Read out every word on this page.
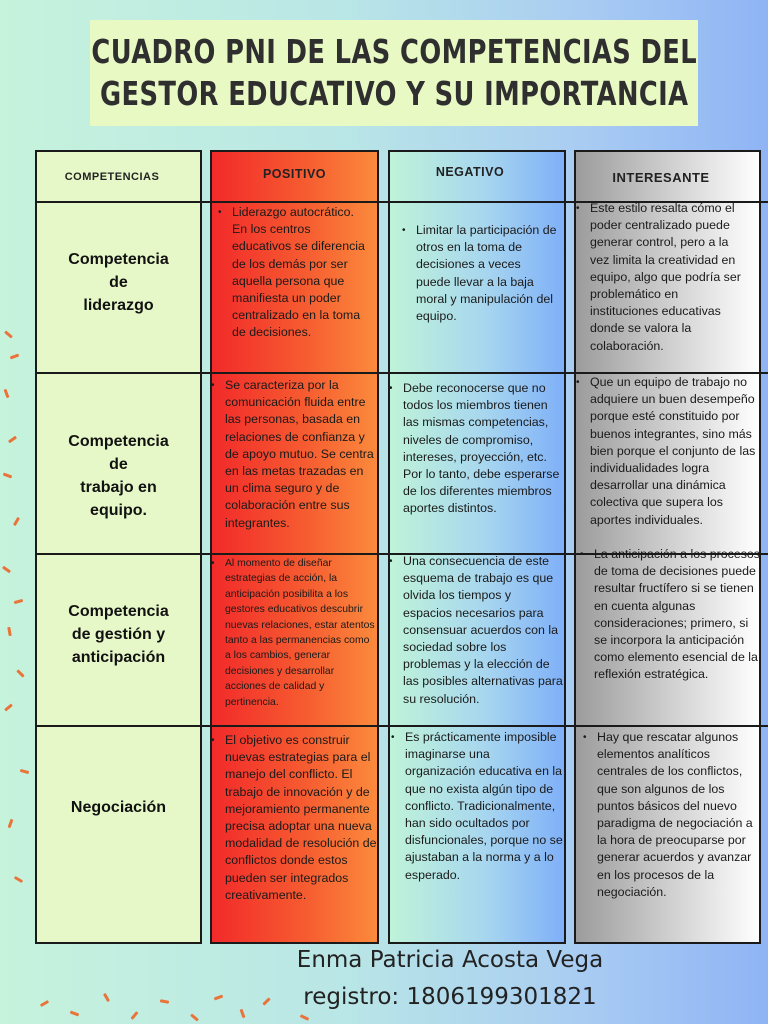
CUADRO PNI DE LAS COMPETENCIAS DEL
GESTOR EDUCATIVO Y SU IMPORTANCIA
COMPETENCIAS	POSITIVO	NEGATIVO	INTERESANTE
Competencia
de
liderazgo
• Liderazgo autocrático. En los centros educativos se diferencia de los demás por ser aquella persona que manifiesta un poder centralizado en la toma de decisiones.
• Limitar la participación de otros en la toma de decisiones a veces puede llevar a la baja moral y manipulación del equipo.
• Este estilo resalta cómo el poder centralizado puede generar control, pero a la vez limita la creatividad en equipo, algo que podría ser problemático en instituciones educativas donde se valora la colaboración.
Competencia
de
trabajo en
equipo.
• Se caracteriza por la comunicación fluida entre las personas, basada en relaciones de confianza y de apoyo mutuo. Se centra en las metas trazadas en un clima seguro y de colaboración entre sus integrantes.
• Debe reconocerse que no todos los miembros tienen las mismas competencias, niveles de compromiso, intereses, proyección, etc. Por lo tanto, debe esperarse de los diferentes miembros aportes distintos.
• Que un equipo de trabajo no adquiere un buen desempeño porque esté constituido por buenos integrantes, sino más bien porque el conjunto de las individualidades logra desarrollar una dinámica colectiva que supera los aportes individuales.
Competencia
de gestión y
anticipación
•	Al momento de diseñar estrategias de acción, la anticipación posibilita a los gestores educativos descubrir nuevas relaciones, estar atentos tanto a las permanencias como a los cambios, generar decisiones y desarrollar acciones de calidad y pertinencia.
• Una consecuencia de este esquema de trabajo es que olvida los tiempos y espacios necesarios para consensuar acuerdos con la sociedad sobre los problemas y la elección de las posibles alternativas para su resolución.
• La anticipación a los procesos de toma de decisiones puede resultar fructífero si se tienen en cuenta algunas consideraciones; primero, si se incorpora la anticipación como elemento esencial de la reflexión estratégica.
Negociación
• El objetivo es construir nuevas estrategias para el manejo del conflicto. El trabajo de innovación y de mejoramiento permanente precisa adoptar una nueva modalidad de resolución de conflictos donde estos pueden ser integrados creativamente.
• Es prácticamente imposible imaginarse una organización educativa en la que no exista algún tipo de conflicto. Tradicionalmente, han sido ocultados por disfuncionales, porque no se ajustaban a la norma y a lo esperado.
• Hay que rescatar algunos elementos analíticos centrales de los conflictos, que son algunos de los puntos básicos del nuevo paradigma de negociación a la hora de preocuparse por generar acuerdos y avanzar en los procesos de la negociación.
Enma Patricia Acosta Vega
registro: 1806199301821
